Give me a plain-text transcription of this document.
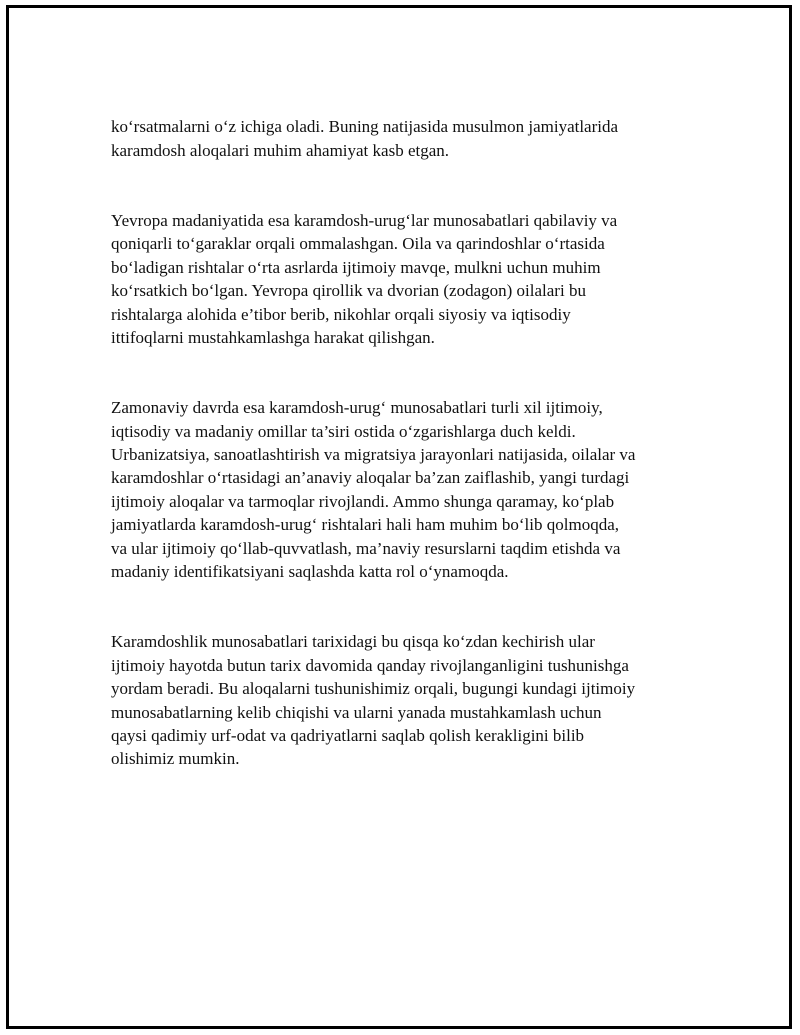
ko‘rsatmalarni o‘z ichiga oladi. Buning natijasida musulmon jamiyatlarida
karamdosh aloqalari muhim ahamiyat kasb etgan.

Yevropa madaniyatida esa karamdosh-urug‘lar munosabatlari qabilaviy va
qoniqarli to‘garaklar orqali ommalashgan. Oila va qarindoshlar o‘rtasida
bo‘ladigan rishtalar o‘rta asrlarda ijtimoiy mavqe, mulkni uchun muhim
ko‘rsatkich bo‘lgan. Yevropa qirollik va dvorian (zodagon) oilalari bu
rishtalarga alohida e’tibor berib, nikohlar orqali siyosiy va iqtisodiy
ittifoqlarni mustahkamlashga harakat qilishgan.

Zamonaviy davrda esa karamdosh-urug‘ munosabatlari turli xil ijtimoiy,
iqtisodiy va madaniy omillar ta’siri ostida o‘zgarishlarga duch keldi.
Urbanizatsiya, sanoatlashtirish va migratsiya jarayonlari natijasida, oilalar va
karamdoshlar o‘rtasidagi an’anaviy aloqalar ba’zan zaiflashib, yangi turdagi
ijtimoiy aloqalar va tarmoqlar rivojlandi. Ammo shunga qaramay, ko‘plab
jamiyatlarda karamdosh-urug‘ rishtalari hali ham muhim bo‘lib qolmoqda,
va ular ijtimoiy qo‘llab-quvvatlash, ma’naviy resurslarni taqdim etishda va
madaniy identifikatsiyani saqlashda katta rol o‘ynamoqda.

Karamdoshlik munosabatlari tarixidagi bu qisqa ko‘zdan kechirish ular
ijtimoiy hayotda butun tarix davomida qanday rivojlanganligini tushunishga
yordam beradi. Bu aloqalarni tushunishimiz orqali, bugungi kundagi ijtimoiy
munosabatlarning kelib chiqishi va ularni yanada mustahkamlash uchun
qaysi qadimiy urf-odat va qadriyatlarni saqlab qolish kerakligini bilib
olishimiz mumkin.
